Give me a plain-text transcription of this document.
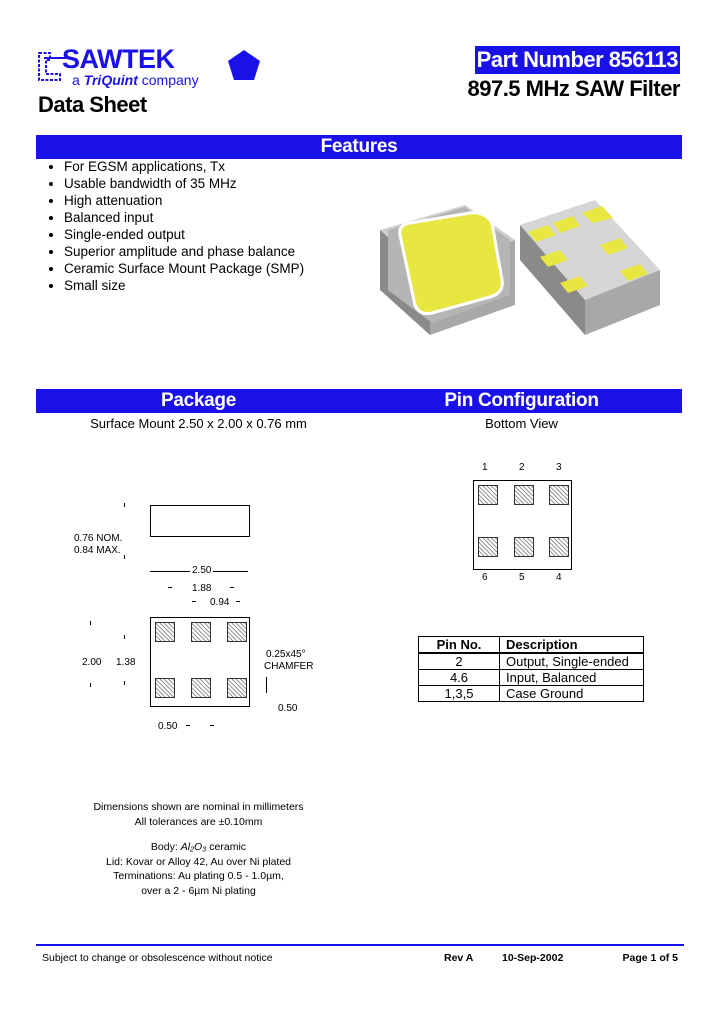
SAWTEK
a TriQuint company
Data Sheet
Part Number 856113
897.5 MHz SAW Filter
Features
• For EGSM applications, Tx
• Usable bandwidth of 35 MHz
• High attenuation
• Balanced input
• Single-ended output
• Superior amplitude and phase balance
• Ceramic Surface Mount Package (SMP)
• Small size
Package	Pin Configuration
Surface Mount 2.50 x 2.00 x 0.76 mm	Bottom View
0.76 NOM.
0.84 MAX.
2.50
1.88
0.94
2.00 1.38
0.25x45°
CHAMFER
0.50
0.50
Dimensions shown are nominal in millimeters
All tolerances are ±0.10mm
Body: Al₂O₃ ceramic
Lid: Kovar or Alloy 42, Au over Ni plated
Terminations: Au plating 0.5 - 1.0µm,
over a 2 - 6µm Ni plating
1	2	3
6	5	4
Pin No.	Description
2	Output, Single-ended
4.6	Input, Balanced
1,3,5	Case Ground
Subject to change or obsolescence without notice	Rev A	10-Sep-2002	Page 1 of 5
